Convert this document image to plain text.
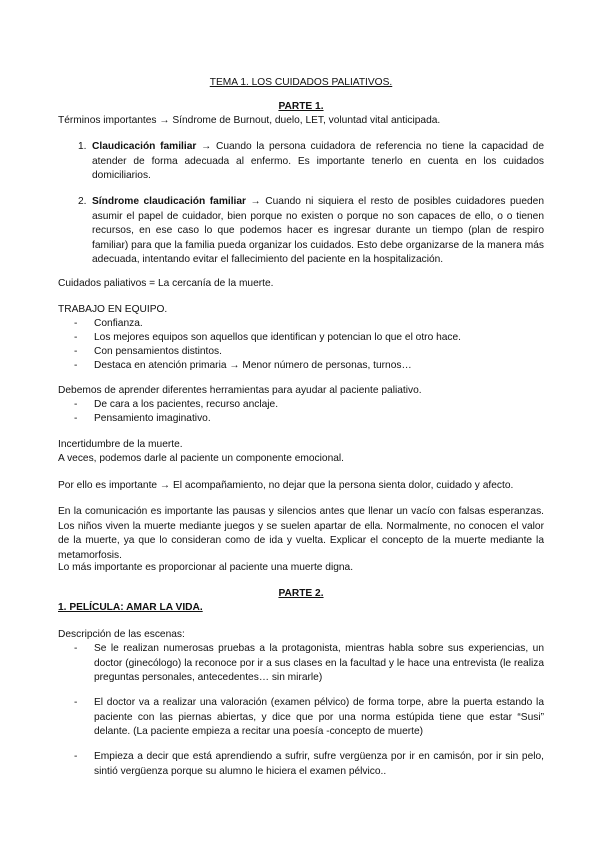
TEMA 1. LOS CUIDADOS PALIATIVOS.
PARTE 1.
Términos importantes → Síndrome de Burnout, duelo, LET, voluntad vital anticipada.
1. Claudicación familiar → Cuando la persona cuidadora de referencia no tiene la capacidad de atender de forma adecuada al enfermo. Es importante tenerlo en cuenta en los cuidados domiciliarios.
2. Síndrome claudicación familiar → Cuando ni siquiera el resto de posibles cuidadores pueden asumir el papel de cuidador, bien porque no existen o porque no son capaces de ello, o o tienen recursos, en ese caso lo que podemos hacer es ingresar durante un tiempo (plan de respiro familiar) para que la familia pueda organizar los cuidados. Esto debe organizarse de la manera más adecuada, intentando evitar el fallecimiento del paciente en la hospitalización.
Cuidados paliativos = La cercanía de la muerte.
TRABAJO EN EQUIPO.
- Confianza.
- Los mejores equipos son aquellos que identifican y potencian lo que el otro hace.
- Con pensamientos distintos.
- Destaca en atención primaria → Menor número de personas, turnos…
Debemos de aprender diferentes herramientas para ayudar al paciente paliativo.
- De cara a los pacientes, recurso anclaje.
- Pensamiento imaginativo.
Incertidumbre de la muerte.
A veces, podemos darle al paciente un componente emocional.
Por ello es importante → El acompañamiento, no dejar que la persona sienta dolor, cuidado y afecto.
En la comunicación es importante las pausas y silencios antes que llenar un vacío con falsas esperanzas. Los niños viven la muerte mediante juegos y se suelen apartar de ella. Normalmente, no conocen el valor de la muerte, ya que lo consideran como de ida y vuelta. Explicar el concepto de la muerte mediante la metamorfosis.
Lo más importante es proporcionar al paciente una muerte digna.
PARTE 2.
1. PELÍCULA: AMAR LA VIDA.
Descripción de las escenas:
- Se le realizan numerosas pruebas a la protagonista, mientras habla sobre sus experiencias, un doctor (ginecólogo) la reconoce por ir a sus clases en la facultad y le hace una entrevista (le realiza preguntas personales, antecedentes… sin mirarle)
- El doctor va a realizar una valoración (examen pélvico) de forma torpe, abre la puerta estando la paciente con las piernas abiertas, y dice que por una norma estúpida tiene que estar “Susi” delante. (La paciente empieza a recitar una poesía -concepto de muerte)
- Empieza a decir que está aprendiendo a sufrir, sufre vergüenza por ir en camisón, por ir sin pelo, sintió vergüenza porque su alumno le hiciera el examen pélvico..
